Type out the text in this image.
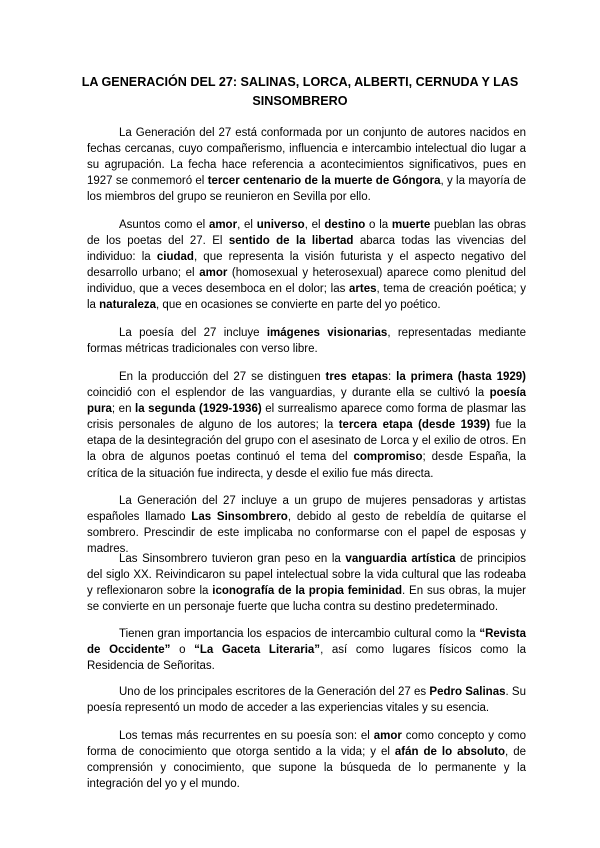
LA GENERACIÓN DEL 27: SALINAS, LORCA, ALBERTI, CERNUDA Y LAS SINSOMBRERO

La Generación del 27 está conformada por un conjunto de autores nacidos en fechas cercanas, cuyo compañerismo, influencia e intercambio intelectual dio lugar a su agrupación. La fecha hace referencia a acontecimientos significativos, pues en 1927 se conmemoró el tercer centenario de la muerte de Góngora, y la mayoría de los miembros del grupo se reunieron en Sevilla por ello.

Asuntos como el amor, el universo, el destino o la muerte pueblan las obras de los poetas del 27. El sentido de la libertad abarca todas las vivencias del individuo: la ciudad, que representa la visión futurista y el aspecto negativo del desarrollo urbano; el amor (homosexual y heterosexual) aparece como plenitud del individuo, que a veces desemboca en el dolor; las artes, tema de creación poética; y la naturaleza, que en ocasiones se convierte en parte del yo poético.

La poesía del 27 incluye imágenes visionarias, representadas mediante formas métricas tradicionales con verso libre.

En la producción del 27 se distinguen tres etapas: la primera (hasta 1929) coincidió con el esplendor de las vanguardias, y durante ella se cultivó la poesía pura; en la segunda (1929-1936) el surrealismo aparece como forma de plasmar las crisis personales de alguno de los autores; la tercera etapa (desde 1939) fue la etapa de la desintegración del grupo con el asesinato de Lorca y el exilio de otros. En la obra de algunos poetas continuó el tema del compromiso; desde España, la crítica de la situación fue indirecta, y desde el exilio fue más directa.

La Generación del 27 incluye a un grupo de mujeres pensadoras y artistas españoles llamado Las Sinsombrero, debido al gesto de rebeldía de quitarse el sombrero. Prescindir de este implicaba no conformarse con el papel de esposas y madres.

Las Sinsombrero tuvieron gran peso en la vanguardia artística de principios del siglo XX. Reivindicaron su papel intelectual sobre la vida cultural que las rodeaba y reflexionaron sobre la iconografía de la propia feminidad. En sus obras, la mujer se convierte en un personaje fuerte que lucha contra su destino predeterminado.

Tienen gran importancia los espacios de intercambio cultural como la “Revista de Occidente” o “La Gaceta Literaria”, así como lugares físicos como la Residencia de Señoritas.

Uno de los principales escritores de la Generación del 27 es Pedro Salinas. Su poesía representó un modo de acceder a las experiencias vitales y su esencia.

Los temas más recurrentes en su poesía son: el amor como concepto y como forma de conocimiento que otorga sentido a la vida; y el afán de lo absoluto, de comprensión y conocimiento, que supone la búsqueda de lo permanente y la integración del yo y el mundo.
